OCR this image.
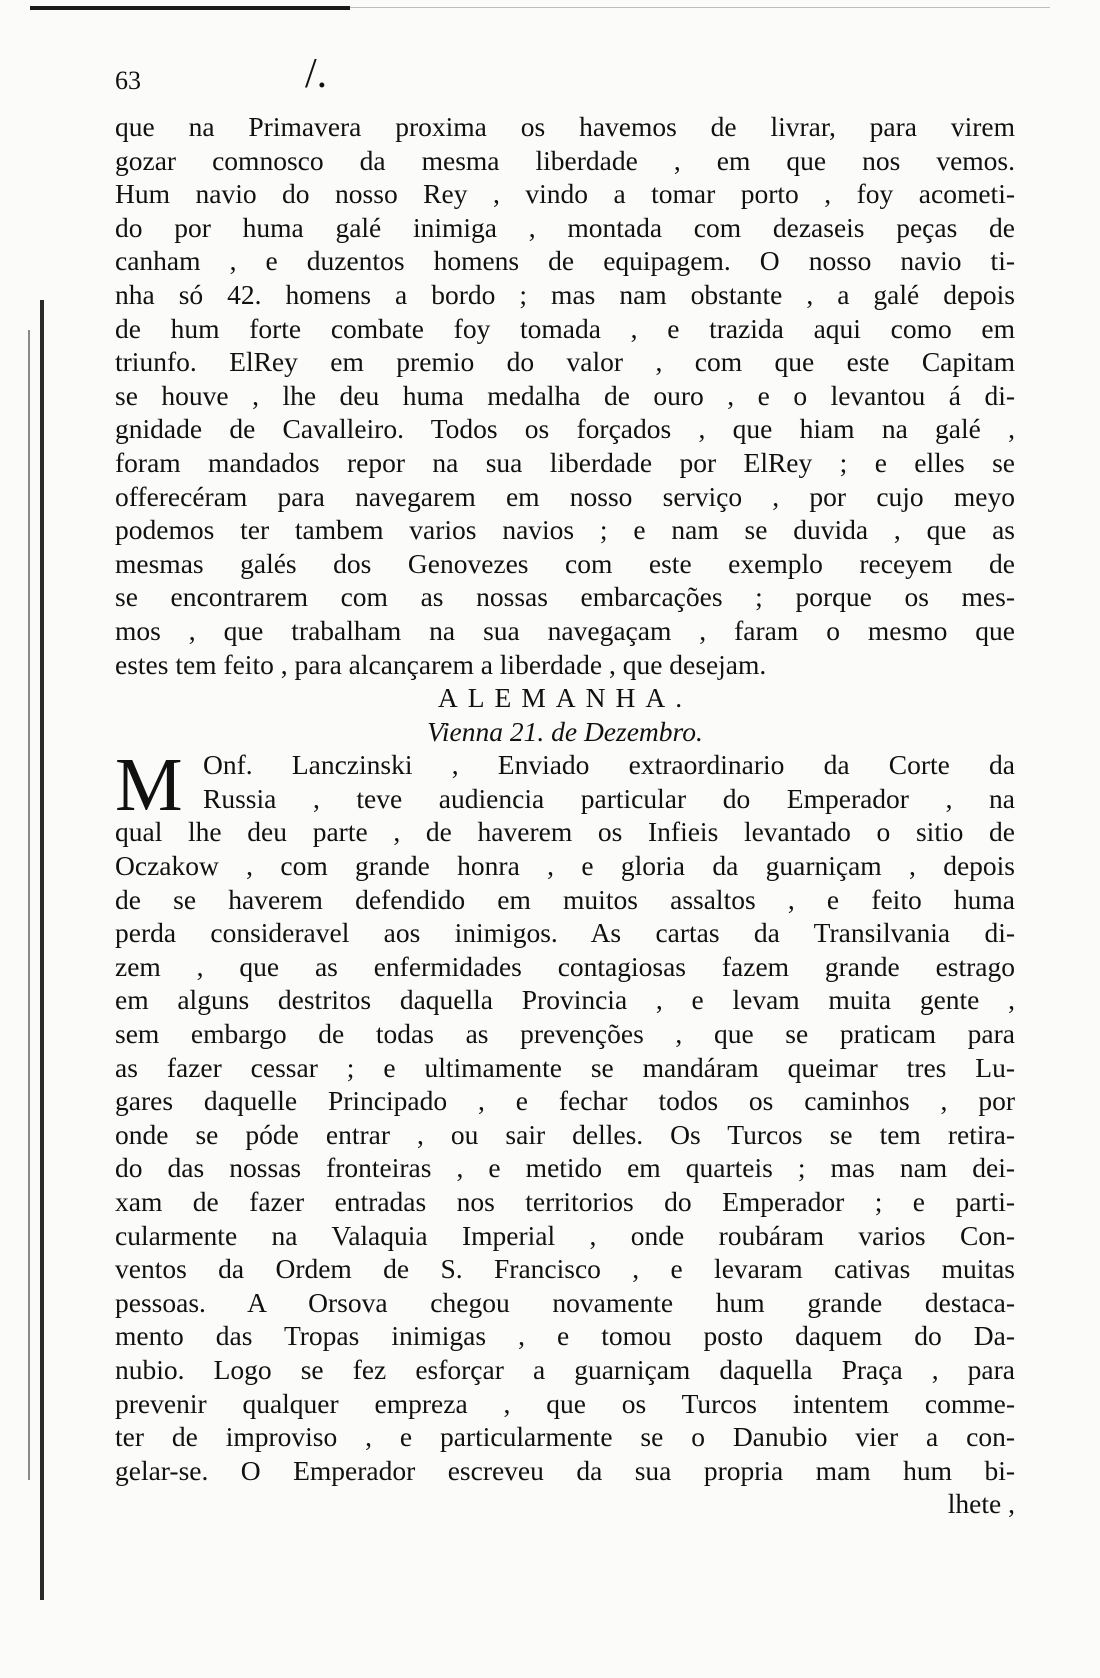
63	/.
que na Primavera proxima os havemos de livrar, para virem
gozar comnosco da mesma liberdade , em que nos vemos.
Hum navio do nosso Rey , vindo a tomar porto , foy acometi-
do por huma galé inimiga , montada com dezaseis peças de
canham , e duzentos homens de equipagem. O nosso navio ti-
nha só 42. homens a bordo ; mas nam obstante , a galé depois
de hum forte combate foy tomada , e trazida aqui como em
triunfo. ElRey em premio do valor , com que este Capitam
se houve , lhe deu huma medalha de ouro , e o levantou á di-
gnidade de Cavalleiro. Todos os forçados , que hiam na galé ,
foram mandados repor na sua liberdade por ElRey ; e elles se
offerecéram para navegarem em nosso serviço , por cujo meyo
podemos ter tambem varios navios ; e nam se duvida , que as
mesmas galés dos Genovezes com este exemplo receyem de
se encontrarem com as nossas embarcações ; porque os mes-
mos , que trabalham na sua navegaçam , faram o mesmo que
estes tem feito , para alcançarem a liberdade , que desejam.
ALEMANHA.
Vienna 21. de Dezembro.
M Onf. Lanczinski , Enviado extraordinario da Corte da
Russia , teve audiencia particular do Emperador , na
qual lhe deu parte , de haverem os Infieis levantado o sitio de
Oczakow , com grande honra , e gloria da guarniçam , depois
de se haverem defendido em muitos assaltos , e feito huma
perda consideravel aos inimigos. As cartas da Transilvania di-
zem , que as enfermidades contagiosas fazem grande estrago
em alguns destritos daquella Provincia , e levam muita gente ,
sem embargo de todas as prevenções , que se praticam para
as fazer cessar ; e ultimamente se mandáram queimar tres Lu-
gares daquelle Principado , e fechar todos os caminhos , por
onde se póde entrar , ou sair delles. Os Turcos se tem retira-
do das nossas fronteiras , e metido em quarteis ; mas nam dei-
xam de fazer entradas nos territorios do Emperador ; e parti-
cularmente na Valaquia Imperial , onde roubáram varios Con-
ventos da Ordem de S. Francisco , e levaram cativas muitas
pessoas. A Orsova chegou novamente hum grande destaca-
mento das Tropas inimigas , e tomou posto daquem do Da-
nubio. Logo se fez esforçar a guarniçam daquella Praça , para
prevenir qualquer empreza , que os Turcos intentem comme-
ter de improviso , e particularmente se o Danubio vier a con-
gelar-se. O Emperador escreveu da sua propria mam hum bi-
lhete ,
